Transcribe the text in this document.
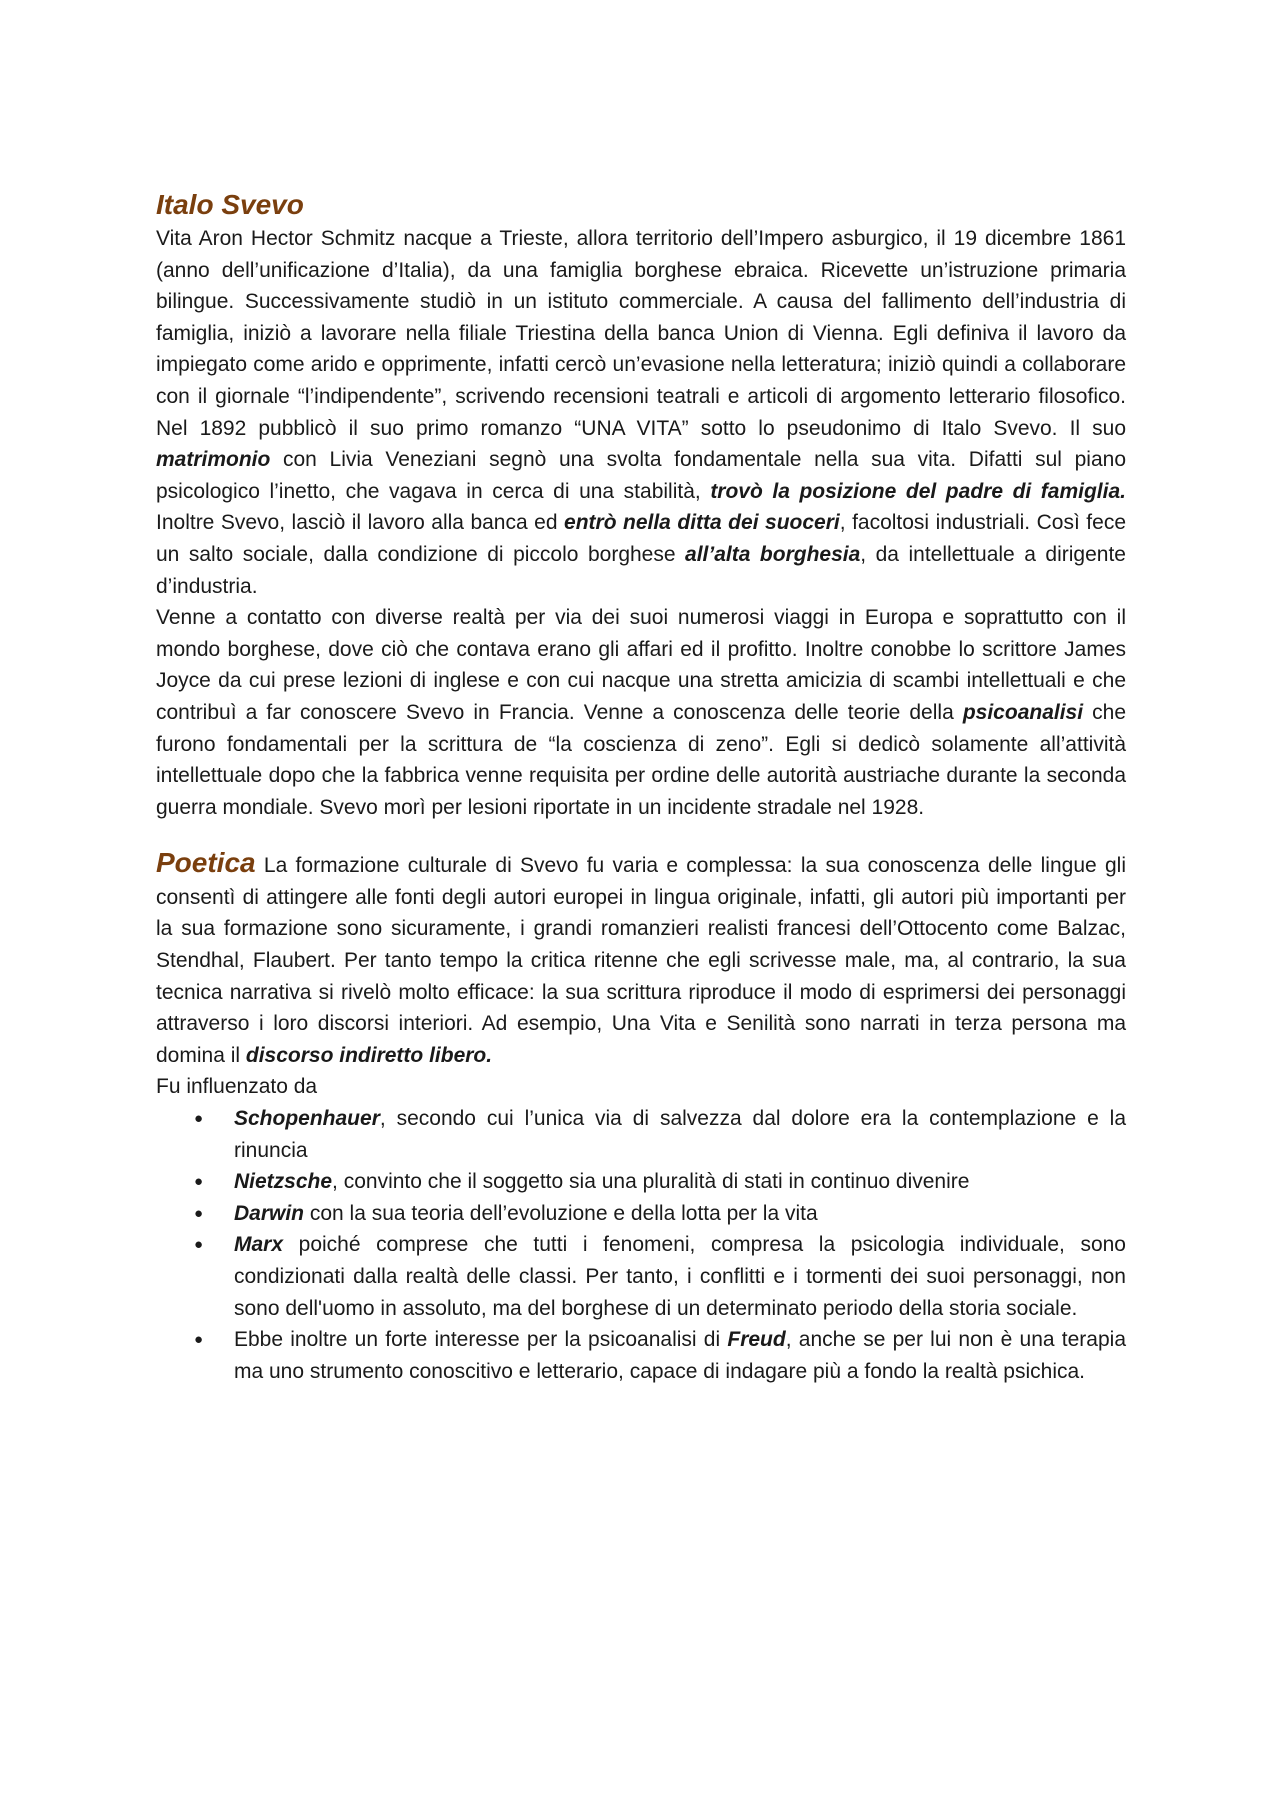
Italo Svevo

Vita Aron Hector Schmitz nacque a Trieste, allora territorio dell’Impero asburgico, il 19 dicembre 1861 (anno dell’unificazione d’Italia), da una famiglia borghese ebraica. Ricevette un’istruzione primaria bilingue. Successivamente studiò in un istituto commerciale. A causa del fallimento dell’industria di famiglia, iniziò a lavorare nella filiale Triestina della banca Union di Vienna. Egli definiva il lavoro da impiegato come arido e opprimente, infatti cercò un’evasione nella letteratura; iniziò quindi a collaborare con il giornale “l’indipendente”, scrivendo recensioni teatrali e articoli di argomento letterario filosofico. Nel 1892 pubblicò il suo primo romanzo “UNA VITA” sotto lo pseudonimo di Italo Svevo. Il suo matrimonio con Livia Veneziani segnò una svolta fondamentale nella sua vita. Difatti sul piano psicologico l’inetto, che vagava in cerca di una stabilità, trovò la posizione del padre di famiglia. Inoltre Svevo, lasciò il lavoro alla banca ed entrò nella ditta dei suoceri, facoltosi industriali. Così fece un salto sociale, dalla condizione di piccolo borghese all’alta borghesia, da intellettuale a dirigente d’industria.

Venne a contatto con diverse realtà per via dei suoi numerosi viaggi in Europa e soprattutto con il mondo borghese, dove ciò che contava erano gli affari ed il profitto. Inoltre conobbe lo scrittore James Joyce da cui prese lezioni di inglese e con cui nacque una stretta amicizia di scambi intellettuali e che contribuì a far conoscere Svevo in Francia. Venne a conoscenza delle teorie della psicoanalisi che furono fondamentali per la scrittura de “la coscienza di zeno”. Egli si dedicò solamente all’attività intellettuale dopo che la fabbrica venne requisita per ordine delle autorità austriache durante la seconda guerra mondiale. Svevo morì per lesioni riportate in un incidente stradale nel 1928.

Poetica La formazione culturale di Svevo fu varia e complessa: la sua conoscenza delle lingue gli consentì di attingere alle fonti degli autori europei in lingua originale, infatti, gli autori più importanti per la sua formazione sono sicuramente, i grandi romanzieri realisti francesi dell’Ottocento come Balzac, Stendhal, Flaubert. Per tanto tempo la critica ritenne che egli scrivesse male, ma, al contrario, la sua tecnica narrativa si rivelò molto efficace: la sua scrittura riproduce il modo di esprimersi dei personaggi attraverso i loro discorsi interiori. Ad esempio, Una Vita e Senilità sono narrati in terza persona ma domina il discorso indiretto libero.

Fu influenzato da

● Schopenhauer, secondo cui l’unica via di salvezza dal dolore era la contemplazione e la rinuncia
● Nietzsche, convinto che il soggetto sia una pluralità di stati in continuo divenire
● Darwin con la sua teoria dell’evoluzione e della lotta per la vita
● Marx poiché comprese che tutti i fenomeni, compresa la psicologia individuale, sono condizionati dalla realtà delle classi. Per tanto, i conflitti e i tormenti dei suoi personaggi, non sono dell'uomo in assoluto, ma del borghese di un determinato periodo della storia sociale.
● Ebbe inoltre un forte interesse per la psicoanalisi di Freud, anche se per lui non è una terapia ma uno strumento conoscitivo e letterario, capace di indagare più a fondo la realtà psichica.
